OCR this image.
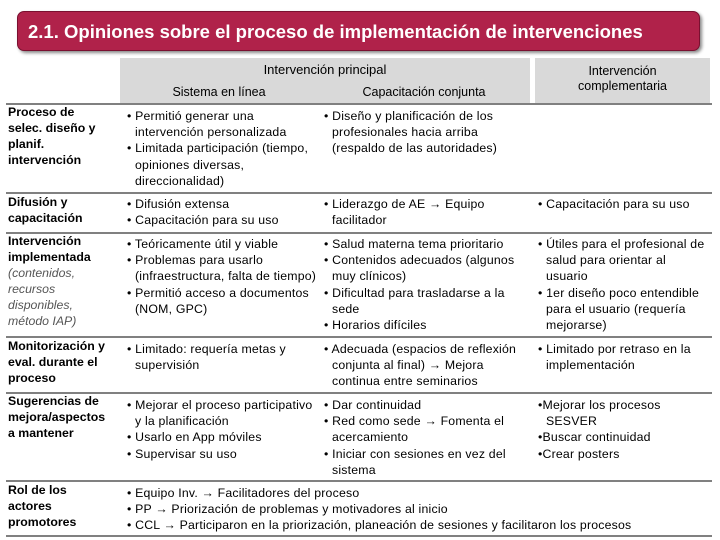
2.1. Opiniones sobre el proceso de implementación de intervenciones
Intervención principal
Sistema en línea	Capacitación conjunta
Intervención
complementaria
Proceso de
selec. diseño y
planif.
intervención
• Permitió generar una intervención personalizada
• Limitada participación (tiempo, opiniones diversas, direccionalidad)
• Diseño y planificación de los profesionales hacia arriba (respaldo de las autoridades)
Difusión y
capacitación
• Difusión extensa
• Capacitación para su uso
• Liderazgo de AE → Equipo facilitador
• Capacitación para su uso
Intervención
implementada
(contenidos,
recursos
disponibles,
método IAP)
• Teóricamente útil y viable
• Problemas para usarlo (infraestructura, falta de tiempo)
• Permitió acceso a documentos (NOM, GPC)
• Salud materna tema prioritario
• Contenidos adecuados (algunos muy clínicos)
• Dificultad para trasladarse a la sede
• Horarios difíciles
• Útiles para el profesional de salud para orientar al usuario
• 1er diseño poco entendible para el usuario (requería mejorarse)
Monitorización y
eval. durante el
proceso
• Limitado: requería metas y supervisión
• Adecuada (espacios de reflexión conjunta al final) → Mejora continua entre seminarios
• Limitado por retraso en la implementación
Sugerencias de
mejora/aspectos
a mantener
• Mejorar el proceso participativo y la planificación
• Usarlo en App móviles
• Supervisar su uso
• Dar continuidad
• Red como sede → Fomenta el acercamiento
• Iniciar con sesiones en vez del sistema
•Mejorar los procesos SESVER
•Buscar continuidad
•Crear posters
Rol de los
actores
promotores
• Equipo Inv. → Facilitadores del proceso
• PP → Priorización de problemas y motivadores al inicio
• CCL → Participaron en la priorización, planeación de sesiones y facilitaron los procesos
